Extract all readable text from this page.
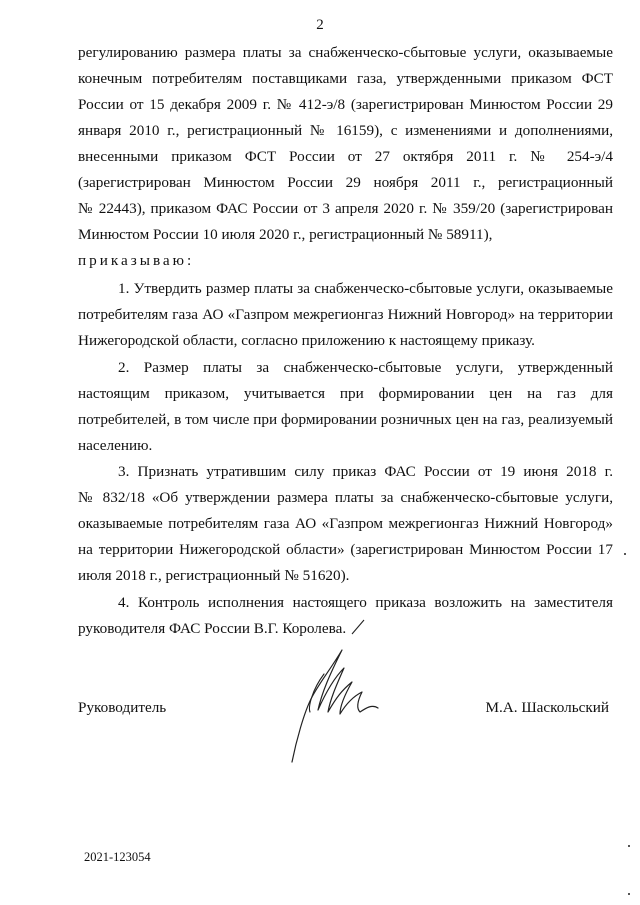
2
регулированию размера платы за снабженческо-сбытовые услуги, оказываемые
конечным потребителям поставщиками газа, утвержденными приказом ФСТ
России от 15 декабря 2009 г. № 412-э/8 (зарегистрирован Минюстом России 29
января 2010 г., регистрационный № 16159), с изменениями и дополнениями,
внесенными приказом ФСТ России от 27 октября 2011 г. № 254-э/4
(зарегистрирован Минюстом России 29 ноября 2011 г., регистрационный
№ 22443), приказом ФАС России от 3 апреля 2020 г. № 359/20 (зарегистрирован
Минюстом России 10 июля 2020 г., регистрационный № 58911),
приказываю:
1. Утвердить размер платы за снабженческо-сбытовые услуги, оказываемые
потребителям газа АО «Газпром межрегионгаз Нижний Новгород» на территории
Нижегородской области, согласно приложению к настоящему приказу.
2. Размер платы за снабженческо-сбытовые услуги, утвержденный
настоящим приказом, учитывается при формировании цен на газ для
потребителей, в том числе при формировании розничных цен на газ, реализуемый
населению.
3. Признать утратившим силу приказ ФАС России от 19 июня 2018 г.
№ 832/18 «Об утверждении размера платы за снабженческо-сбытовые услуги,
оказываемые потребителям газа АО «Газпром межрегионгаз Нижний Новгород»
на территории Нижегородской области» (зарегистрирован Минюстом России 17
июля 2018 г., регистрационный № 51620).
4. Контроль исполнения настоящего приказа возложить на заместителя
руководителя ФАС России В.Г. Королева.
Руководитель	М.А. Шаскольский
2021-123054
